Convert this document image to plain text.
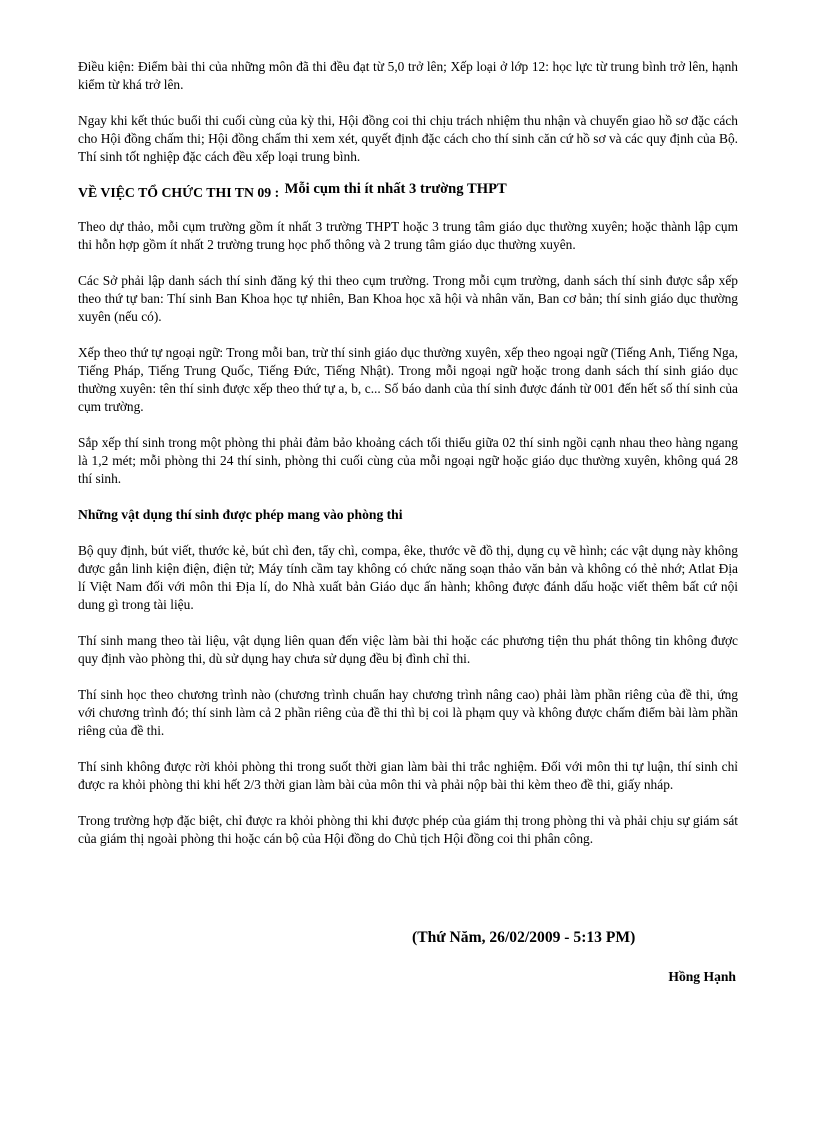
Điều kiện: Điểm bài thi của những môn đã thi đều đạt từ 5,0 trở lên; Xếp loại ở lớp 12: học lực từ trung bình trở lên, hạnh kiểm từ khá trở lên.

Ngay khi kết thúc buổi thi cuối cùng của kỳ thi, Hội đồng coi thi chịu trách nhiệm thu nhận và chuyển giao hồ sơ đặc cách cho Hội đồng chấm thi; Hội đồng chấm thi xem xét, quyết định đặc cách cho thí sinh căn cứ hồ sơ và các quy định của Bộ. Thí sinh tốt nghiệp đặc cách đều xếp loại trung bình.

VỀ VIỆC TỔ CHỨC THI TN 09 : Mỗi cụm thi ít nhất 3 trường THPT

Theo dự thảo, mỗi cụm trường gồm ít nhất 3 trường THPT hoặc 3 trung tâm giáo dục thường xuyên; hoặc thành lập cụm thi hỗn hợp gồm ít nhất 2 trường trung học phổ thông và 2 trung tâm giáo dục thường xuyên.

Các Sở phải lập danh sách thí sinh đăng ký thi theo cụm trường. Trong mỗi cụm trường, danh sách thí sinh được sắp xếp theo thứ tự ban: Thí sinh Ban Khoa học tự nhiên, Ban Khoa học xã hội và nhân văn, Ban cơ bản; thí sinh giáo dục thường xuyên (nếu có).

Xếp theo thứ tự ngoại ngữ: Trong mỗi ban, trừ thí sinh giáo dục thường xuyên, xếp theo ngoại ngữ (Tiếng Anh, Tiếng Nga, Tiếng Pháp, Tiếng Trung Quốc, Tiếng Đức, Tiếng Nhật). Trong mỗi ngoại ngữ hoặc trong danh sách thí sinh giáo dục thường xuyên: tên thí sinh được xếp theo thứ tự a, b, c... Số báo danh của thí sinh được đánh từ 001 đến hết số thí sinh của cụm trường.

Sắp xếp thí sinh trong một phòng thi phải đảm bảo khoảng cách tối thiểu giữa 02 thí sinh ngồi cạnh nhau theo hàng ngang là 1,2 mét; mỗi phòng thi 24 thí sinh, phòng thi cuối cùng của mỗi ngoại ngữ hoặc giáo dục thường xuyên, không quá 28 thí sinh.

Những vật dụng thí sinh được phép mang vào phòng thi

Bộ quy định, bút viết, thước kẻ, bút chì đen, tẩy chì, compa, êke, thước vẽ đồ thị, dụng cụ vẽ hình; các vật dụng này không được gắn linh kiện điện, điện tử; Máy tính cầm tay không có chức năng soạn thảo văn bản và không có thẻ nhớ; Atlat Địa lí Việt Nam đối với môn thi Địa lí, do Nhà xuất bản Giáo dục ấn hành; không được đánh dấu hoặc viết thêm bất cứ nội dung gì trong tài liệu.

Thí sinh mang theo tài liệu, vật dụng liên quan đến việc làm bài thi hoặc các phương tiện thu phát thông tin không được quy định vào phòng thi, dù sử dụng hay chưa sử dụng đều bị đình chỉ thi.

Thí sinh học theo chương trình nào (chương trình chuẩn hay chương trình nâng cao) phải làm phần riêng của đề thi, ứng với chương trình đó; thí sinh làm cả 2 phần riêng của đề thi thì bị coi là phạm quy và không được chấm điểm bài làm phần riêng của đề thi.

Thí sinh không được rời khỏi phòng thi trong suốt thời gian làm bài thi trắc nghiệm. Đối với môn thi tự luận, thí sinh chỉ được ra khỏi phòng thi khi hết 2/3 thời gian làm bài của môn thi và phải nộp bài thi kèm theo đề thi, giấy nháp.

Trong trường hợp đặc biệt, chỉ được ra khỏi phòng thi khi được phép của giám thị trong phòng thi và phải chịu sự giám sát của giám thị ngoài phòng thi hoặc cán bộ của Hội đồng do Chủ tịch Hội đồng coi thi phân công.

(Thứ Năm, 26/02/2009 - 5:13 PM)
Hồng Hạnh
